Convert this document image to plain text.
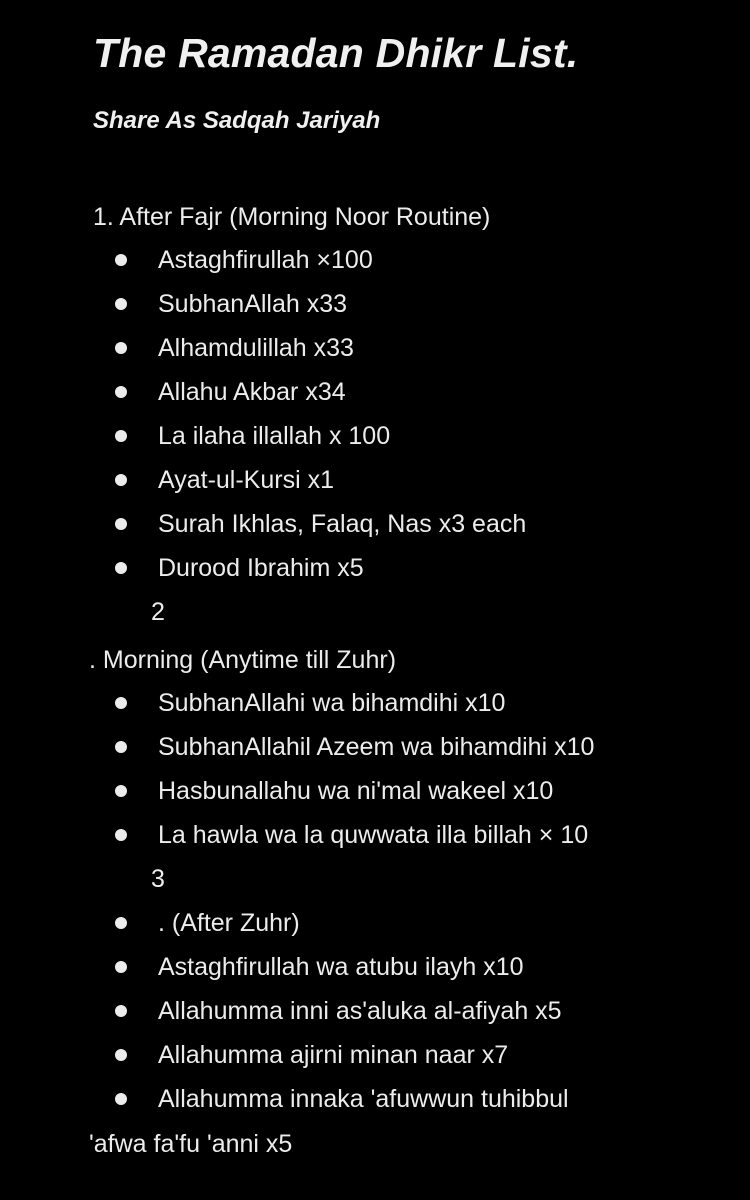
The Ramadan Dhikr List.
Share As Sadqah Jariyah
1. After Fajr (Morning Noor Routine)
Astaghfirullah ×100
SubhanAllah x33
Alhamdulillah x33
Allahu Akbar x34
La ilaha illallah x 100
Ayat-ul-Kursi x1
Surah Ikhlas, Falaq, Nas x3 each
Durood Ibrahim x5
2
. Morning (Anytime till Zuhr)
SubhanAllahi wa bihamdihi x10
SubhanAllahil Azeem wa bihamdihi x10
Hasbunallahu wa ni'mal wakeel x10
La hawla wa la quwwata illa billah × 10
3
. (After Zuhr)
Astaghfirullah wa atubu ilayh x10
Allahumma inni as'aluka al-afiyah x5
Allahumma ajirni minan naar x7
Allahumma innaka 'afuwwun tuhibbul
'afwa fa'fu 'anni x5
